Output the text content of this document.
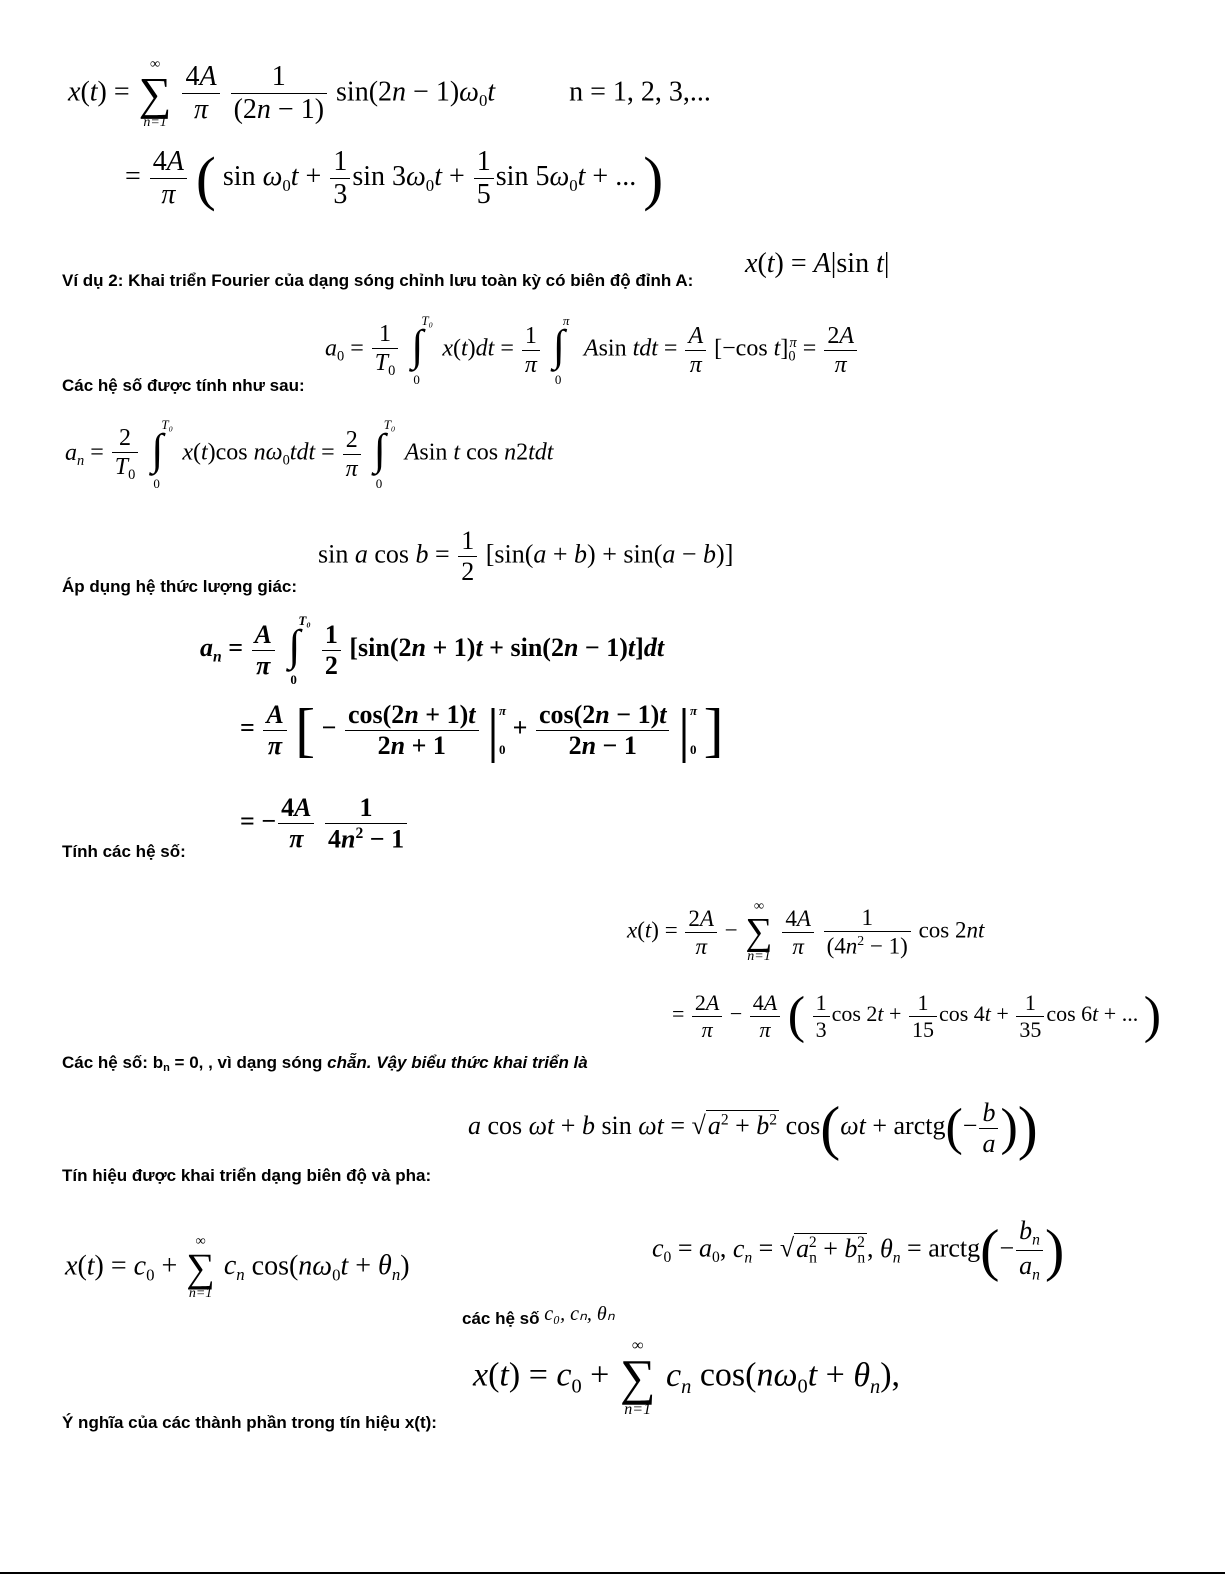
x(t) =
∞
∑
n=1
$\frac{4A}{\pi}$
$\frac{1}{(2n - 1)} \sin(2n - 1)\omega_0t$	n = 1, 2, 3,...
= $\frac{4A}{\pi}$ ( $\sin \omega_0t + \frac{1}{3}$ $\sin 3\omega_0t + \frac{1}{5}$ $\sin 5\omega_0t$ + ... )
Ví dụ 2: Khai triển Fourier của dạng sóng chỉnh lưu toàn kỳ có biên độ đỉnh A:
x(t) = A|sin t|
Các hệ số được tính như sau:
$a_0 = \frac{1}{T_0}$

T₀
∫
0
$x(t)dt = \frac{1}{\pi}$

π
∫
0
Asin tdt = $\frac{A}{\pi} [-\cos$ $t]_0^\pi = \frac{2A}{\pi}$
$a_n = \frac{2}{T_0}$

T₀
∫
0
x(t)cos $n\omega_0tdt = \frac{2}{\pi}$

T₀
∫
0
Asin t cos n2tdt
sin a $\cos b = \frac{1}{2} [\sin(a + b) + \sin(a - b)]$
Áp dụng hệ thức lượng giác:
$a_n = \frac{A}{\pi}$

T₀
∫
0

$\frac{1}{2} [\sin(2n + 1)t + \sin(2n - 1)t]dt$
= $\frac{A}{\pi}$ [ − $\frac{\cos(2n + 1)t}{2n + 1} |\pi$

$0 + \frac{\cos(2n - 1)t}{2n - 1} |\pi$

0 ]
= − $\frac{4A}{\pi}$
$\frac{1}{4n^2 - 1}$
Tính các hệ số:
$x(t) = \frac{2A}{\pi}$ −
∞
∑
n=1
$\frac{4A}{\pi}$
$\frac{1}{(4n^2 - 1)}$ cos 2nt
= $\frac{2A}{\pi} - \frac{4A}{\pi}$ ( $\frac{1}{3}$ $\cos 2t + \frac{1}{15}$ $\cos 4t + \frac{1}{35}$ cos 6t + ... )
Các hệ số: bn = 0, , vì dạng sóng chẵn. Vậy biểu thức khai triển là
a cos ωt + b $\sin \omega t = √a^2 + b^2$ cos(ωt + arctg(− $\frac{b}{a}$ ))
Tín hiệu được khai triển dạng biên độ và pha:
$x(t) = c_0$ +
∞
∑
n=1
$c_n$ $\cos(n\omega_0t + \theta_n)$
các hệ số c₀, cₙ, θₙ
$c_0 = a_0$, $c_n = √a_n^2 + b_n^2$, $\theta_n$ = arctg(− $\frac{b_n}{a_n}$ )
$x(t) = c_0$ +
∞
∑
n=1
$c_n$ $\cos(n\omega_0t + \theta_n)$,
Ý nghĩa của các thành phần trong tín hiệu x(t):
